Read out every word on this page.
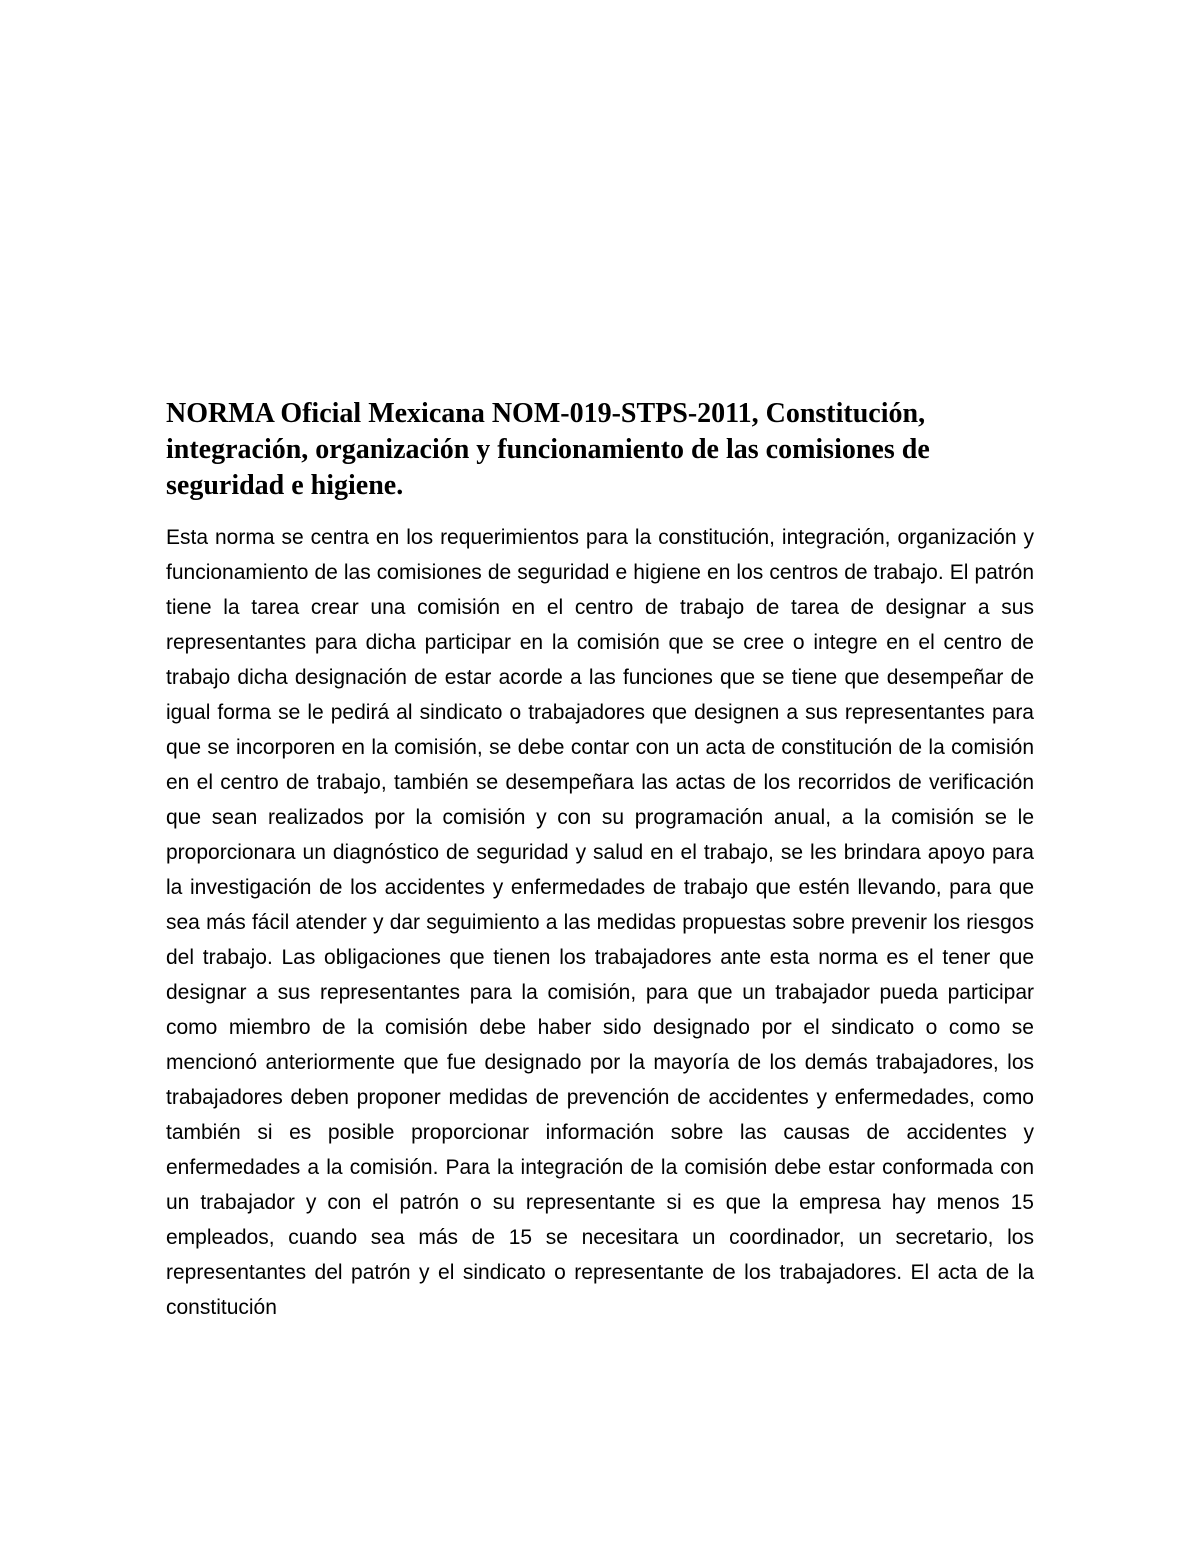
NORMA Oficial Mexicana NOM-019-STPS-2011, Constitución, integración, organización y funcionamiento de las comisiones de seguridad e higiene.

Esta norma se centra en los requerimientos para la constitución, integración, organización y funcionamiento de las comisiones de seguridad e higiene en los centros de trabajo. El patrón tiene la tarea crear una comisión en el centro de trabajo de tarea de designar a sus representantes para dicha participar en la comisión que se cree o integre en el centro de trabajo dicha designación de estar acorde a las funciones que se tiene que desempeñar de igual forma se le pedirá al sindicato o trabajadores que designen a sus representantes para que se incorporen en la comisión, se debe contar con un acta de constitución de la comisión en el centro de trabajo, también se desempeñara las actas de los recorridos de verificación que sean realizados por la comisión y con su programación anual, a la comisión se le proporcionara un diagnóstico de seguridad y salud en el trabajo, se les brindara apoyo para la investigación de los accidentes y enfermedades de trabajo que estén llevando, para que sea más fácil atender y dar seguimiento a las medidas propuestas sobre prevenir los riesgos del trabajo. Las obligaciones que tienen los trabajadores ante esta norma es el tener que designar a sus representantes para la comisión, para que un trabajador pueda participar como miembro de la comisión debe haber sido designado por el sindicato o como se mencionó anteriormente que fue designado por la mayoría de los demás trabajadores, los trabajadores deben proponer medidas de prevención de accidentes y enfermedades, como también si es posible proporcionar información sobre las causas de accidentes y enfermedades a la comisión. Para la integración de la comisión debe estar conformada con un trabajador y con el patrón o su representante si es que la empresa hay menos 15 empleados, cuando sea más de 15 se necesitara un coordinador, un secretario, los representantes del patrón y el sindicato o representante de los trabajadores. El acta de la constitución
